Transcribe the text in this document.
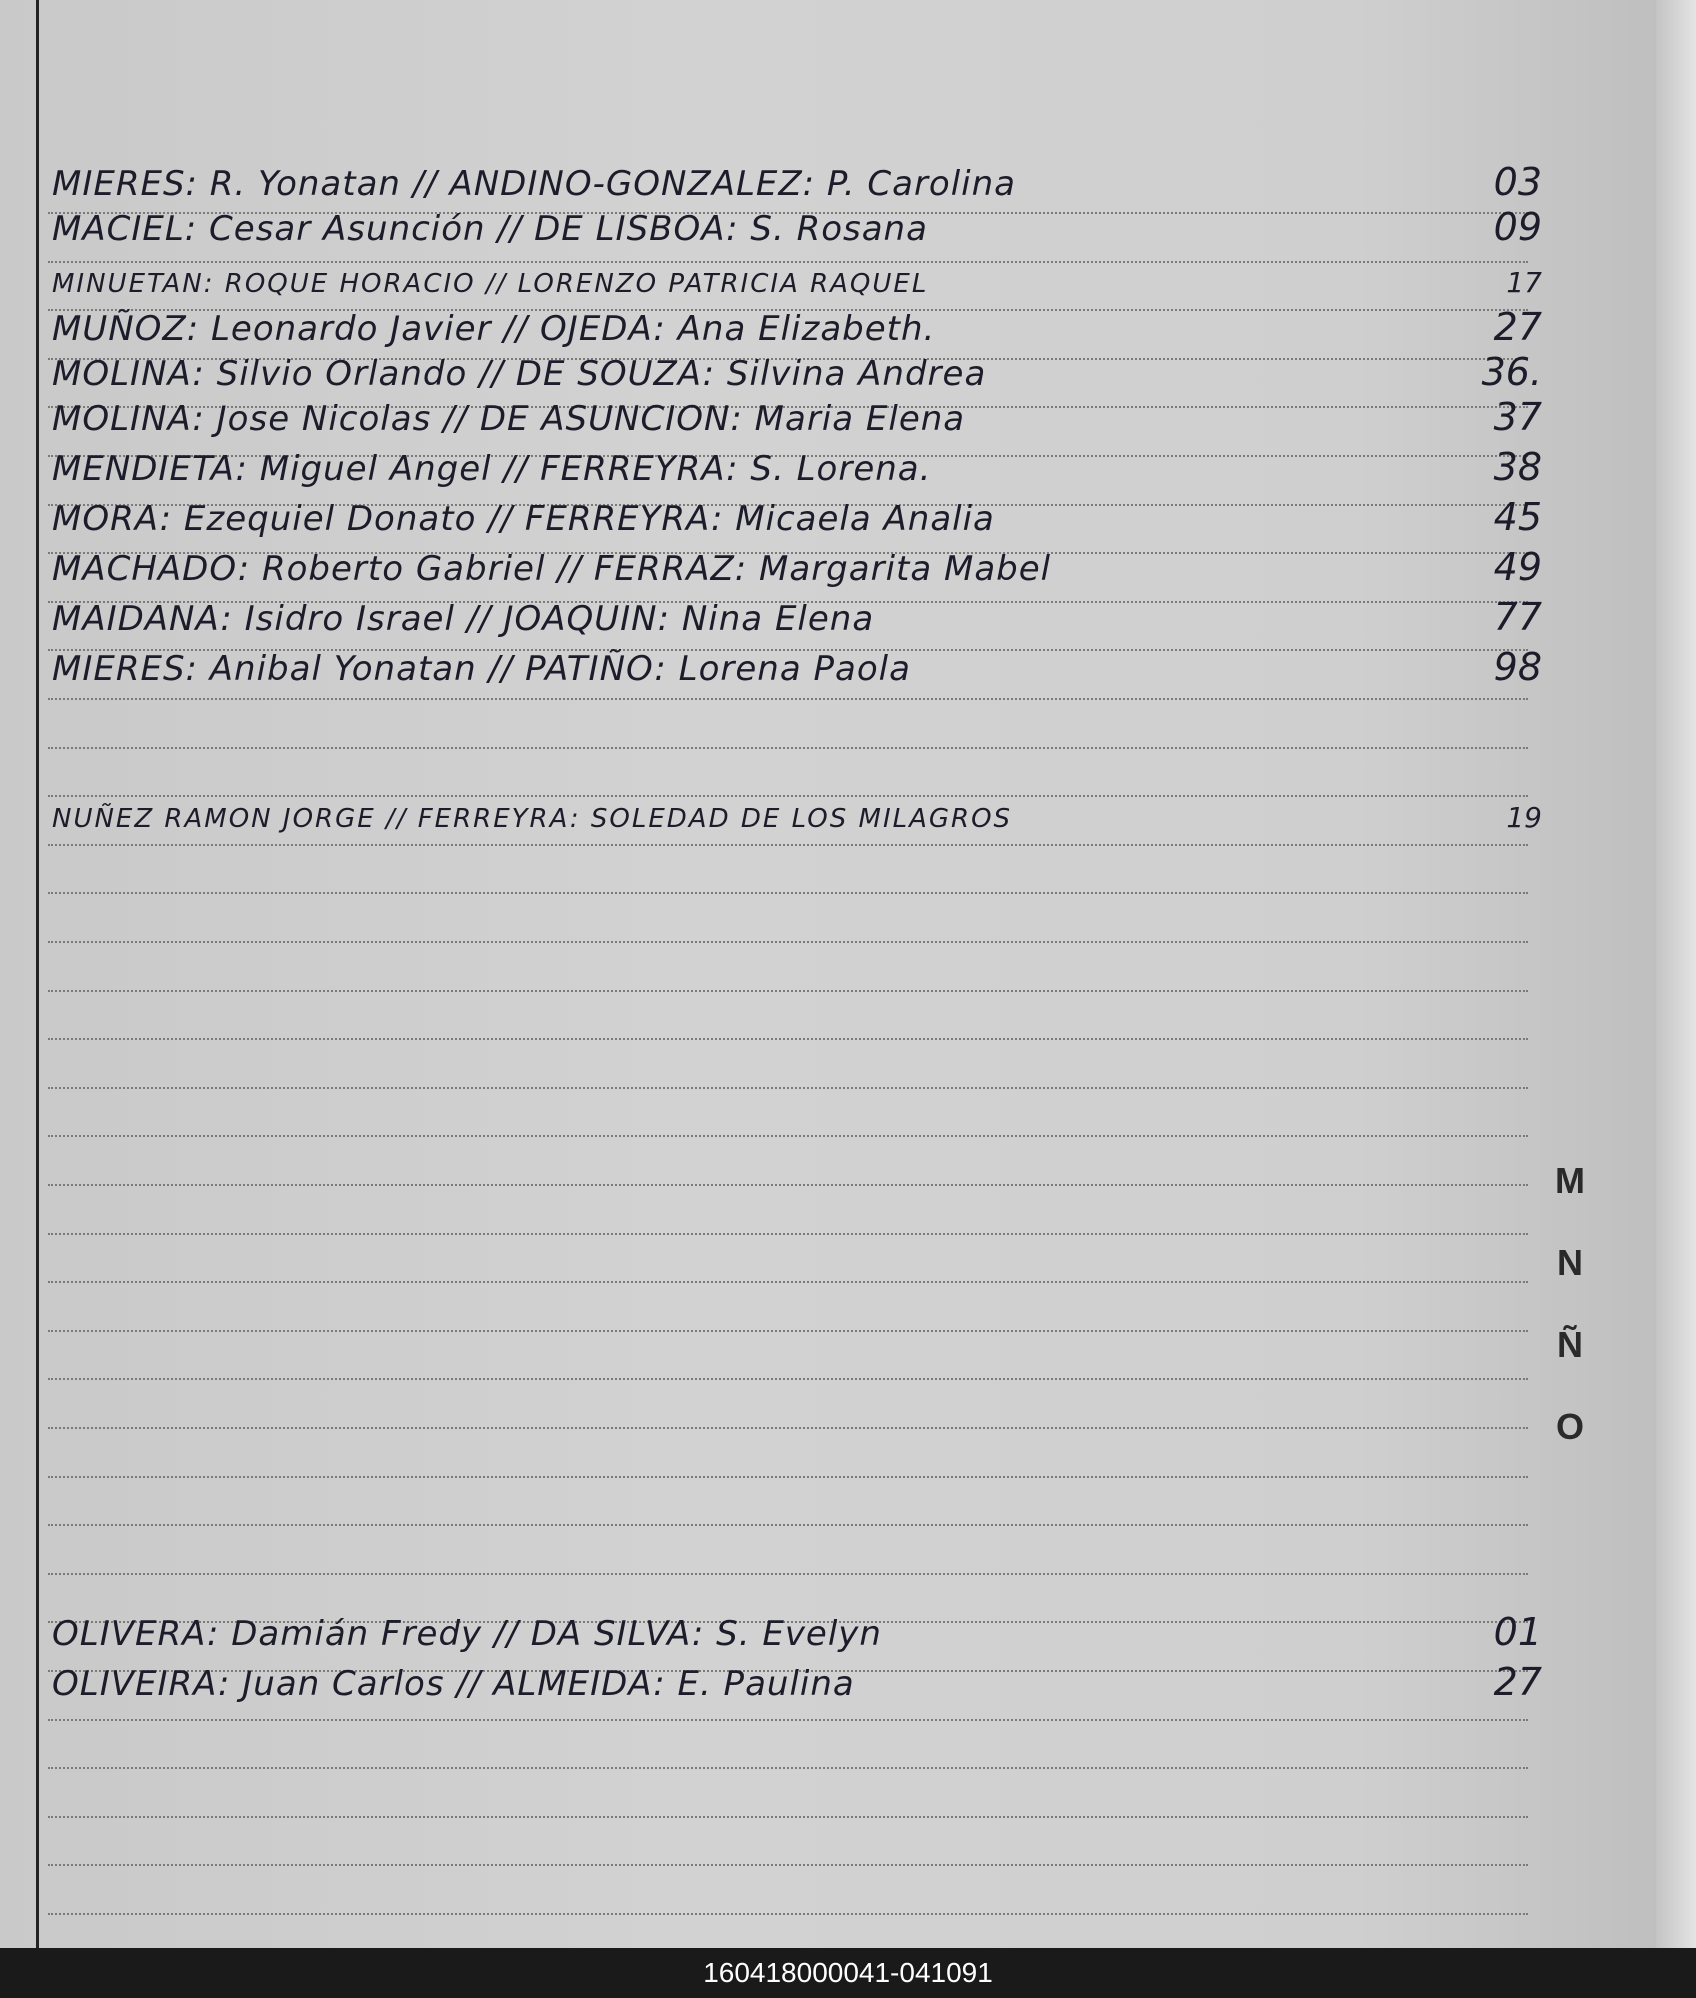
MIERES: R. Yonatan // ANDINO-GONZALEZ: P. Carolina	03
MACIEL: Cesar Asunción // DE LISBOA: S. Rosana	09
MINUETAN: ROQUE HORACIO // LORENZO PATRICIA RAQUEL	17
MUÑOZ: Leonardo Javier // OJEDA: Ana Elizabeth.	27
MOLINA: Silvio Orlando // DE SOUZA: Silvina Andrea	36.
MOLINA: Jose Nicolas // DE ASUNCION: Maria Elena	37
MENDIETA: Miguel Angel // FERREYRA: S. Lorena.	38
MORA: Ezequiel Donato // FERREYRA: Micaela Analia	45
MACHADO: Roberto Gabriel // FERRAZ: Margarita Mabel	49
MAIDANA: Isidro Israel // JOAQUIN: Nina Elena	77
MIERES: Anibal Yonatan // PATIÑO: Lorena Paola	98
NUÑEZ RAMON JORGE // FERREYRA: SOLEDAD DE LOS MILAGROS	19
OLIVERA: Damián Fredy // DA SILVA: S. Evelyn	01
OLIVEIRA: Juan Carlos // ALMEIDA: E. Paulina	27
M
N
Ñ
O
160418000041-041091
